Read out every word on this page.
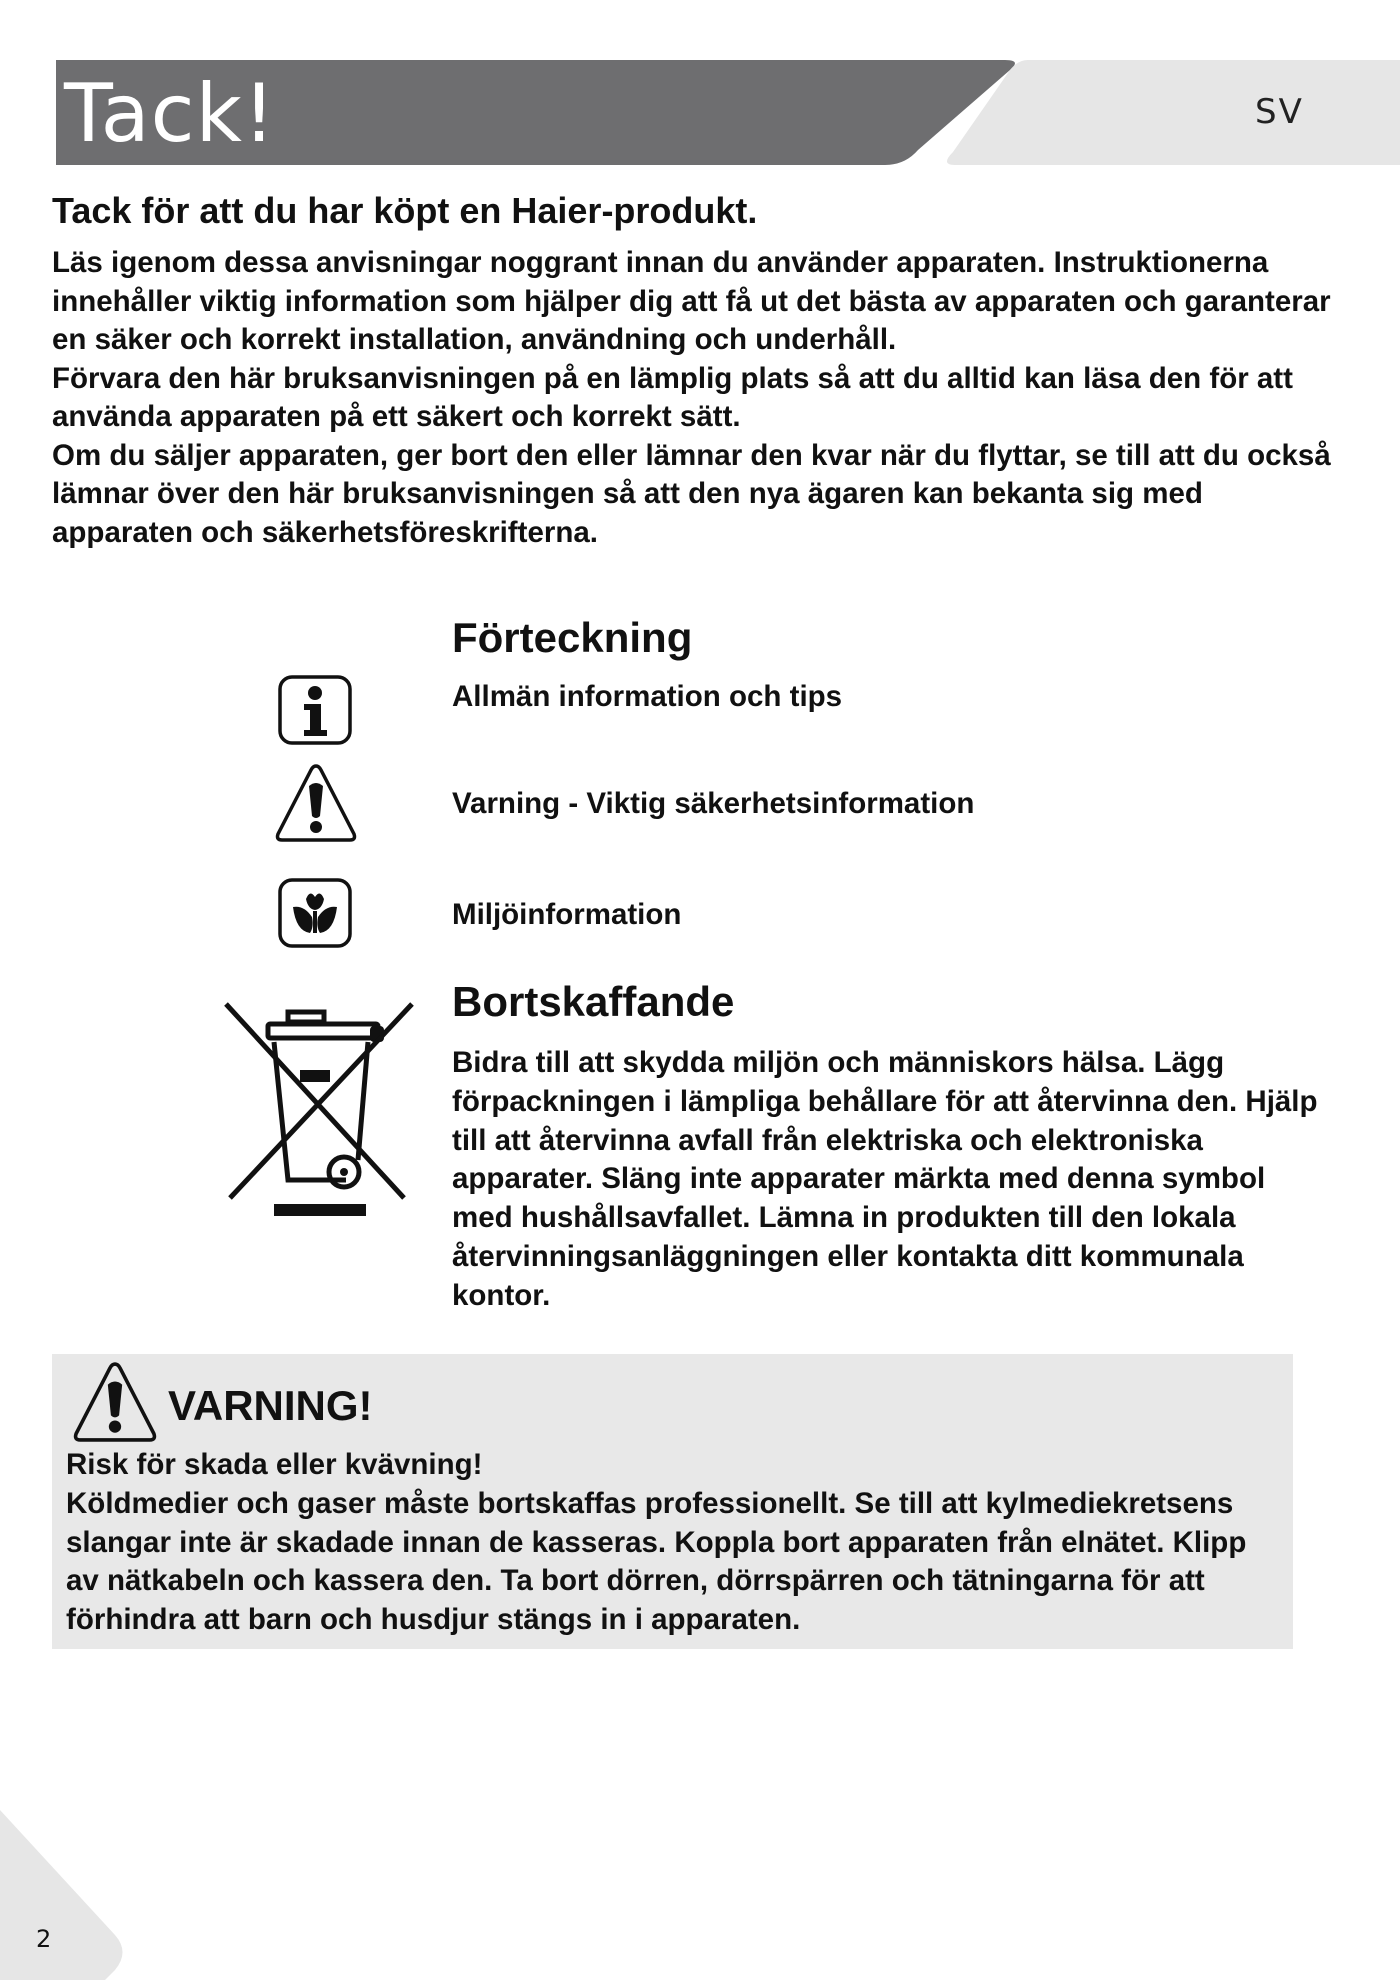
Tack!	SV
Tack för att du har köpt en Haier-produkt.

Läs igenom dessa anvisningar noggrant innan du använder apparaten. Instruktionerna innehåller viktig information som hjälper dig att få ut det bästa av apparaten och garanterar en säker och korrekt installation, användning och underhåll.

Förvara den här bruksanvisningen på en lämplig plats så att du alltid kan läsa den för att använda apparaten på ett säkert och korrekt sätt.

Om du säljer apparaten, ger bort den eller lämnar den kvar när du flyttar, se till att du också lämnar över den här bruksanvisningen så att den nya ägaren kan bekanta sig med apparaten och säkerhetsföreskrifterna.

Förteckning
Allmän information och tips
Varning - Viktig säkerhetsinformation
Miljöinformation
Bortskaffande

Bidra till att skydda miljön och människors hälsa. Lägg förpackningen i lämpliga behållare för att återvinna den. Hjälp till att återvinna avfall från elektriska och elektroniska apparater. Släng inte apparater märkta med denna symbol med hushållsavfallet. Lämna in produkten till den lokala återvinningsanläggningen eller kontakta ditt kommunala kontor.

VARNING!
Risk för skada eller kvävning!
Köldmedier och gaser måste bortskaffas professionellt. Se till att kylmediekretsens slangar inte är skadade innan de kasseras. Koppla bort apparaten från elnätet. Klipp av nätkabeln och kassera den. Ta bort dörren, dörrspärren och tätningarna för att förhindra att barn och husdjur stängs in i apparaten.
2
